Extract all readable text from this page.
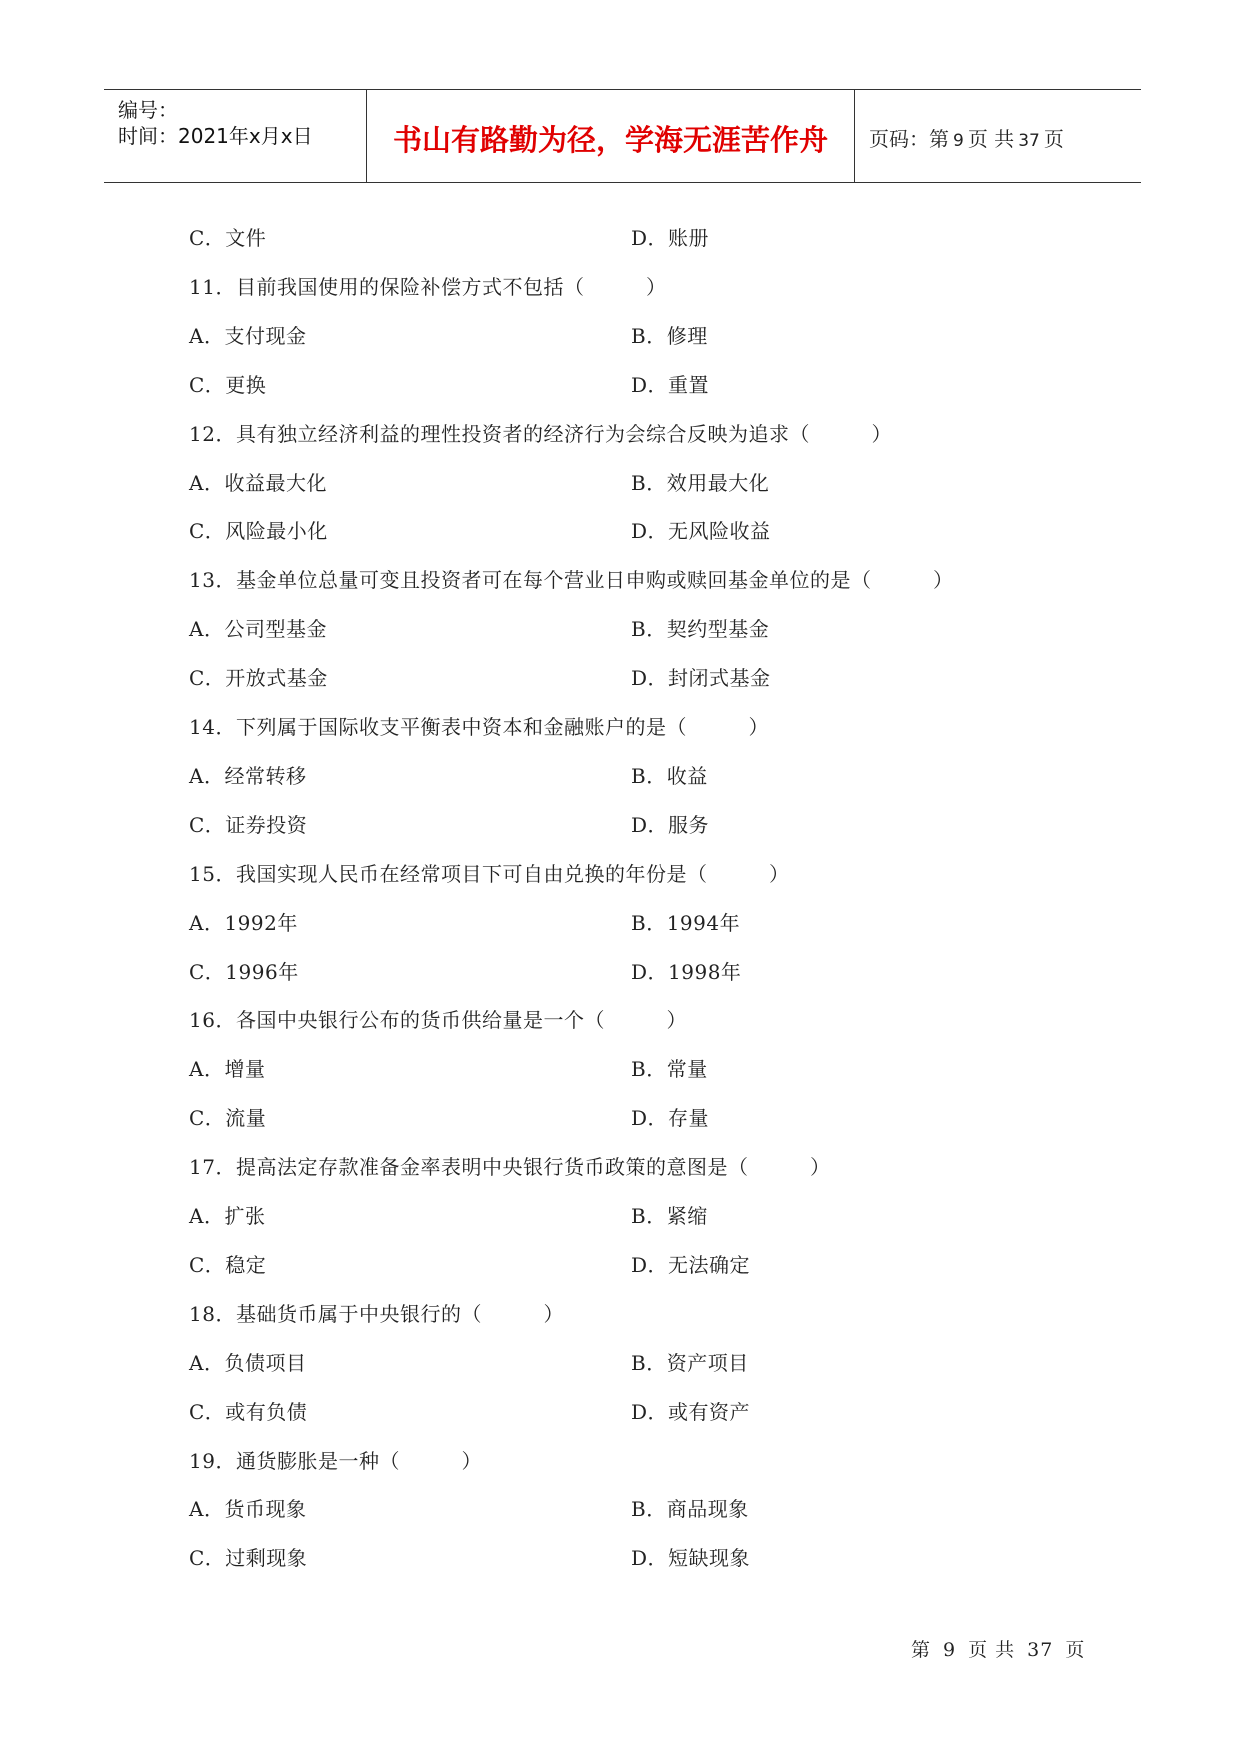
编号：
时间：2021年x月x日	书山有路勤为径，学海无涯苦作舟	页码：第 9 页 共 37 页
C．文件	D．账册
11．目前我国使用的保险补偿方式不包括（　　　）
A．支付现金	B．修理
C．更换	D．重置
12．具有独立经济利益的理性投资者的经济行为会综合反映为追求（　　　）
A．收益最大化	B．效用最大化
C．风险最小化	D．无风险收益
13．基金单位总量可变且投资者可在每个营业日申购或赎回基金单位的是（　　　）
A．公司型基金	B．契约型基金
C．开放式基金	D．封闭式基金
14．下列属于国际收支平衡表中资本和金融账户的是（　　　）
A．经常转移	B．收益
C．证券投资	D．服务
15．我国实现人民币在经常项目下可自由兑换的年份是（　　　）
A．1992年	B．1994年
C．1996年	D．1998年
16．各国中央银行公布的货币供给量是一个（　　　）
A．增量	B．常量
C．流量	D．存量
17．提高法定存款准备金率表明中央银行货币政策的意图是（　　　）
A．扩张	B．紧缩
C．稳定	D．无法确定
18．基础货币属于中央银行的（　　　）
A．负债项目	B．资产项目
C．或有负债	D．或有资产
19．通货膨胀是一种（　　　）
A．货币现象	B．商品现象
C．过剩现象	D．短缺现象
第 9 页 共 37 页
